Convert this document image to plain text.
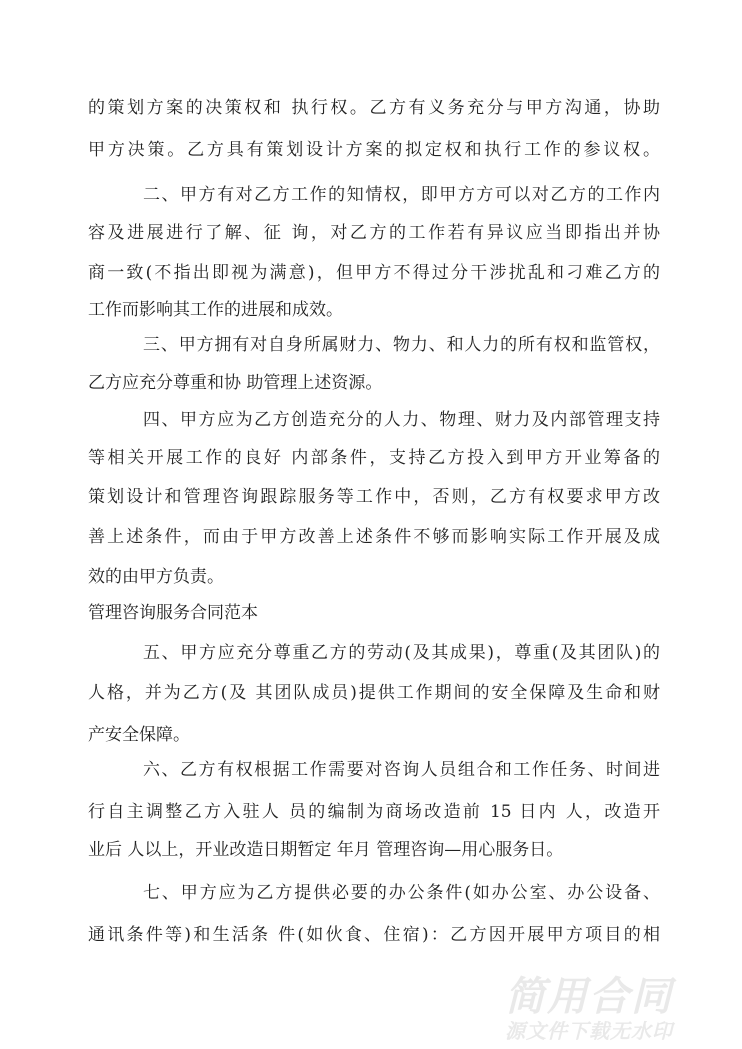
的策划方案的决策权和 执行权。乙方有义务充分与甲方沟通，协助
甲方决策。乙方具有策划设计方案的拟定权和执行工作的参议权。
二、甲方有对乙方工作的知情权，即甲方方可以对乙方的工作内
容及进展进行了解、征 询，对乙方的工作若有异议应当即指出并协
商一致(不指出即视为满意)，但甲方不得过分干涉扰乱和刁难乙方的
工作而影响其工作的进展和成效。
三、甲方拥有对自身所属财力、物力、和人力的所有权和监管权，
乙方应充分尊重和协 助管理上述资源。
四、甲方应为乙方创造充分的人力、物理、财力及内部管理支持
等相关开展工作的良好 内部条件，支持乙方投入到甲方开业筹备的
策划设计和管理咨询跟踪服务等工作中，否则，乙方有权要求甲方改
善上述条件，而由于甲方改善上述条件不够而影响实际工作开展及成
效的由甲方负责。
管理咨询服务合同范本
五、甲方应充分尊重乙方的劳动(及其成果)，尊重(及其团队)的
人格，并为乙方(及 其团队成员)提供工作期间的安全保障及生命和财
产安全保障。
六、乙方有权根据工作需要对咨询人员组合和工作任务、时间进
行自主调整乙方入驻人 员的编制为商场改造前 15 日内 人，改造开
业后 人以上，开业改造日期暂定 年月 管理咨询—用心服务日。
七、甲方应为乙方提供必要的办公条件(如办公室、办公设备、
通讯条件等)和生活条 件(如伙食、住宿)：乙方因开展甲方项目的相
简用合同
源文件下载无水印
